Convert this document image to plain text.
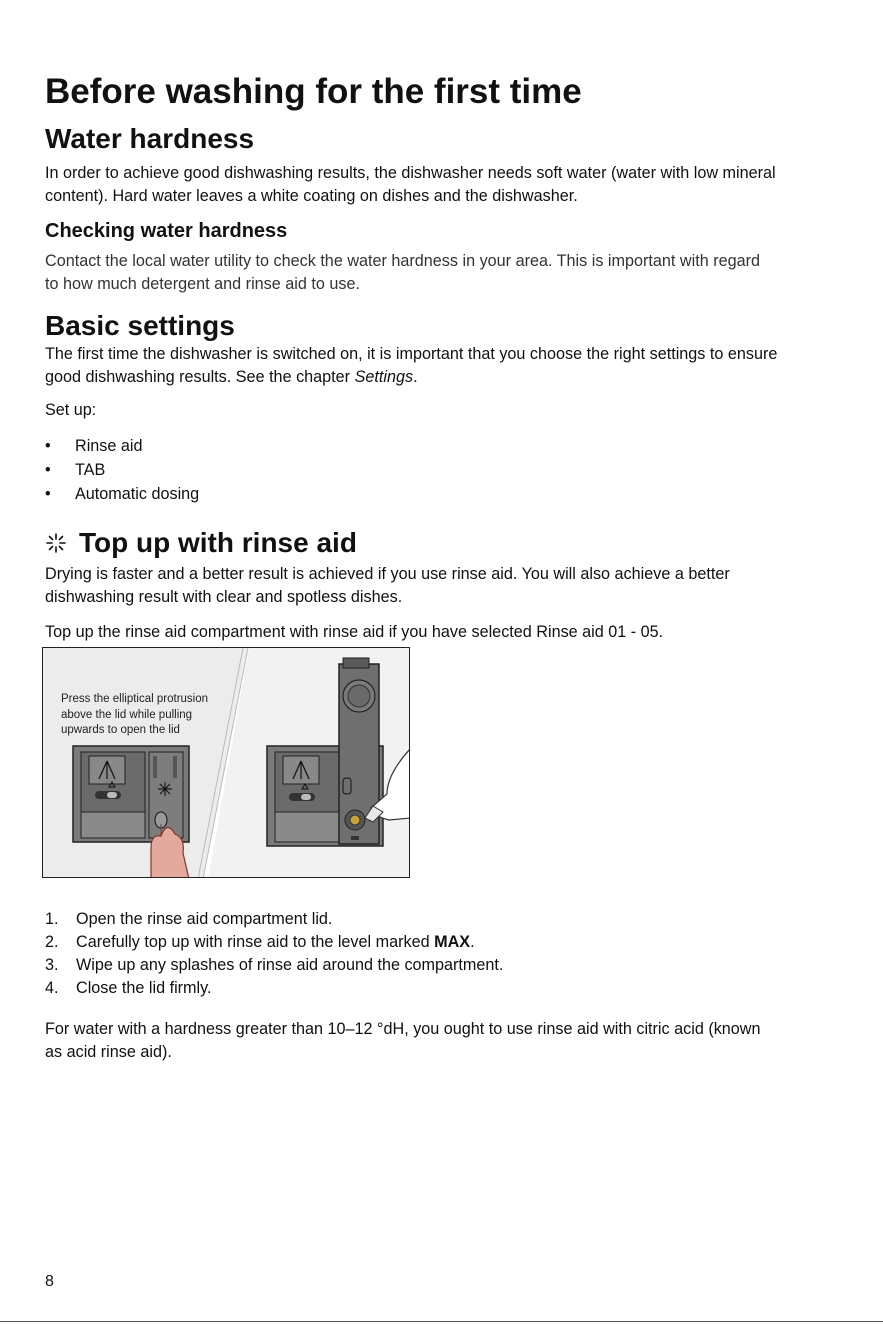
Before washing for the first time
Water hardness

In order to achieve good dishwashing results, the dishwasher needs soft water (water with low mineral
content). Hard water leaves a white coating on dishes and the dishwasher.

Checking water hardness

Contact the local water utility to check the water hardness in your area. This is important with regard
to how much detergent and rinse aid to use.

Basic settings

The first time the dishwasher is switched on, it is important that you choose the right settings to ensure
good dishwashing results. See the chapter Settings.

Set up:

• Rinse aid
• TAB
• Automatic dosing
Top up with rinse aid

Drying is faster and a better result is achieved if you use rinse aid. You will also achieve a better
dishwashing result with clear and spotless dishes.

Top up the rinse aid compartment with rinse aid if you have selected Rinse aid 01 - 05.

Press the elliptical protrusion
above the lid while pulling
upwards to open the lid
1. Open the rinse aid compartment lid.
2. Carefully top up with rinse aid to the level marked MAX.
3. Wipe up any splashes of rinse aid around the compartment.
4. Close the lid firmly.

For water with a hardness greater than 10–12 °dH, you ought to use rinse aid with citric acid (known
as acid rinse aid).

8
